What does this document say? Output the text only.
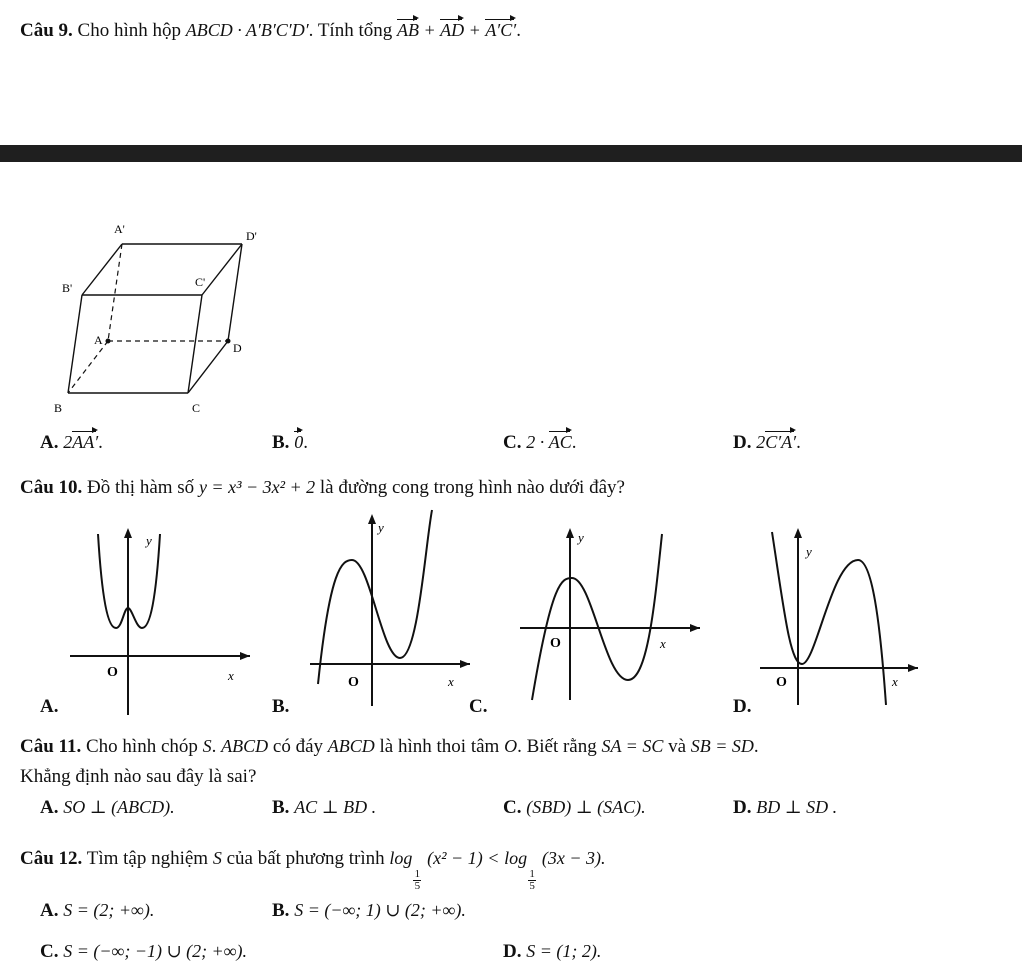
Câu 9. Cho hình hộp ABCD · A′B′C′D′. Tính tổng AB + AD + A′C′.
A'	D'
B'	C'
A
D
B	C
A. 2AA′.	B. 0.	C. 2 · AC.	D. 2C′A′.
Câu 10. Đồ thị hàm số y = x³ − 3x² + 2 là đường cong trong hình nào dưới đây?
y
x
O
A.
y
x
O
B.
y
x
O
C.
y
x
O
D.
Câu 11. Cho hình chóp S. ABCD có đáy ABCD là hình thoi tâm O. Biết rằng SA = SC và SB = SD.
Khẳng định nào sau đây là sai?
A. SO ⊥ (ABCD).	B. AC ⊥ BD .	C. (SBD) ⊥ (SAC).	D. BD ⊥ SD .
Câu 12. Tìm tập nghiệm S của bất phương trình log
$\frac{1}{5}$
(x² − 1) < log
$\frac{1}{5}$
(3x − 3).
A. S = (2; +∞).	B. S = (−∞; 1) ∪ (2; +∞).
C. S = (−∞; −1) ∪ (2; +∞).	D. S = (1; 2).
